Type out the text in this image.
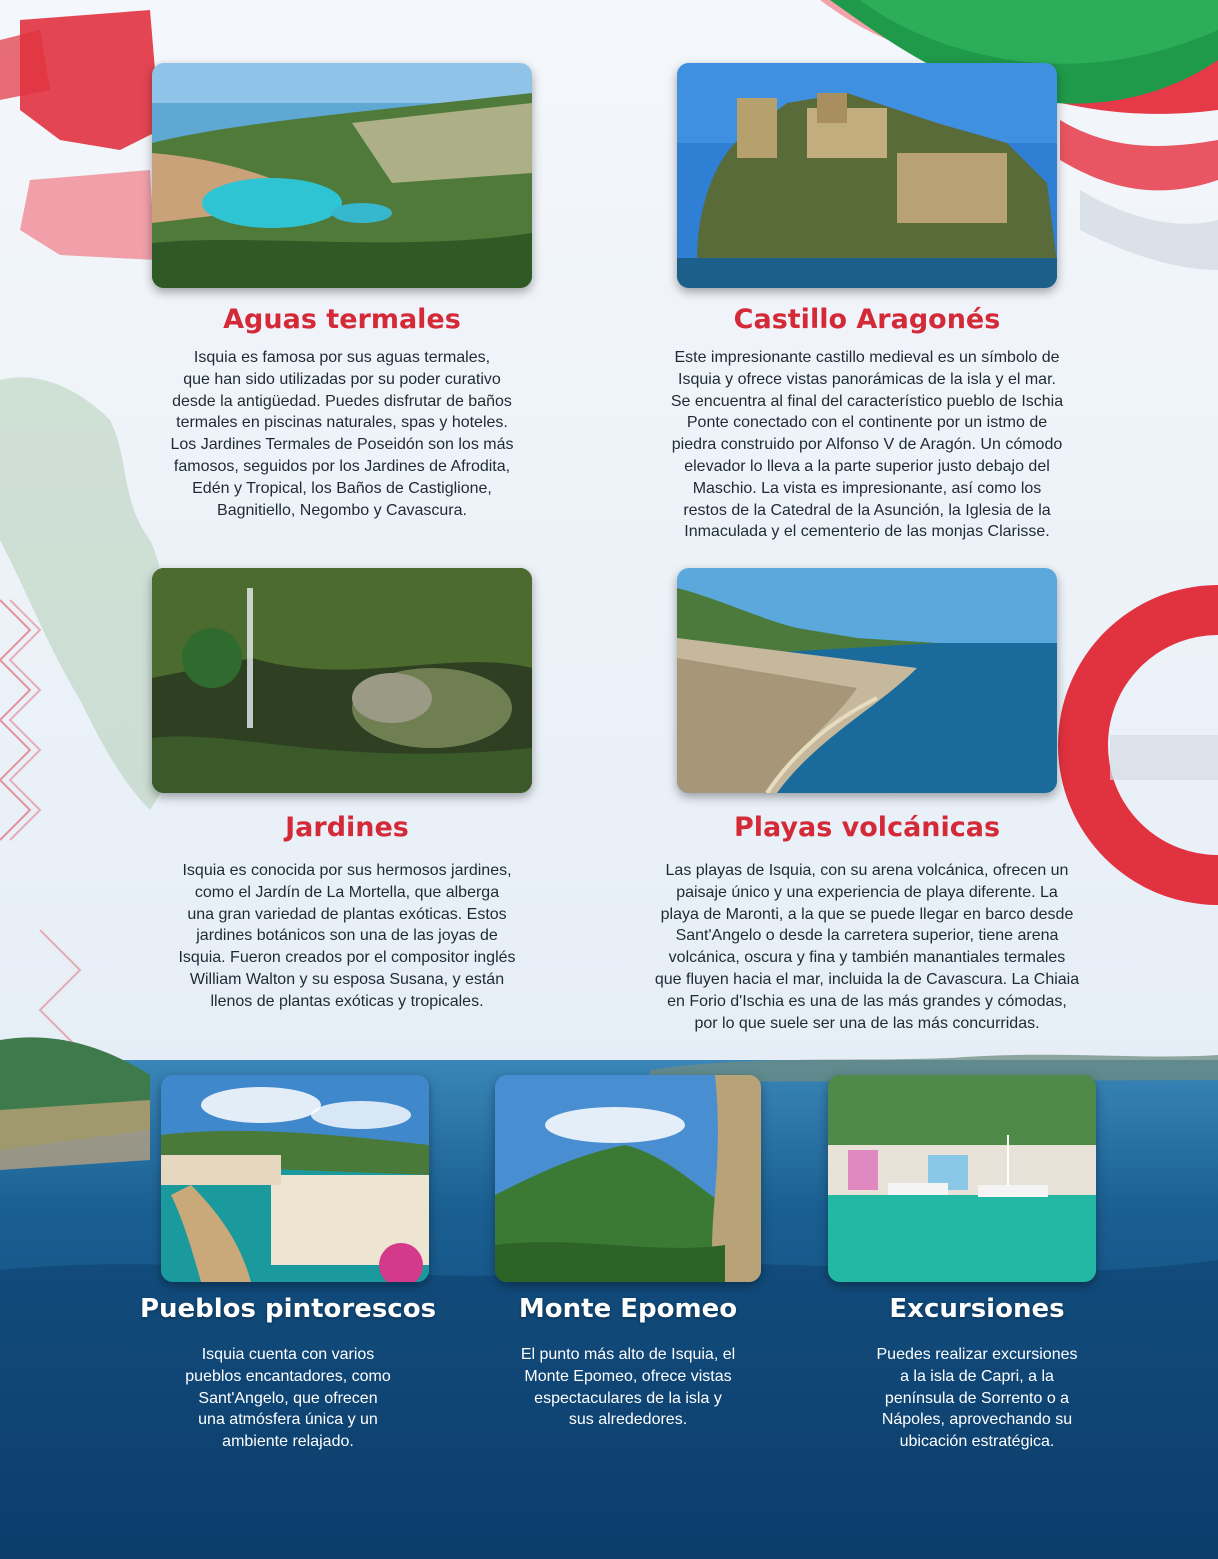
Aguas termales

Isquia es famosa por sus aguas termales,
que han sido utilizadas por su poder curativo
desde la antigüedad. Puedes disfrutar de baños
termales en piscinas naturales, spas y hoteles.
Los Jardines Termales de Poseidón son los más
famosos, seguidos por los Jardines de Afrodita,
Edén y Tropical, los Baños de Castiglione,
Bagnitiello, Negombo y Cavascura.

Castillo Aragonés

Este impresionante castillo medieval es un símbolo de
Isquia y ofrece vistas panorámicas de la isla y el mar.
Se encuentra al final del característico pueblo de Ischia
Ponte conectado con el continente por un istmo de
piedra construido por Alfonso V de Aragón. Un cómodo
elevador lo lleva a la parte superior justo debajo del
Maschio. La vista es impresionante, así como los
restos de la Catedral de la Asunción, la Iglesia de la
Inmaculada y el cementerio de las monjas Clarisse.

Jardines

Isquia es conocida por sus hermosos jardines,
como el Jardín de La Mortella, que alberga
una gran variedad de plantas exóticas. Estos
jardines botánicos son una de las joyas de
Isquia. Fueron creados por el compositor inglés
William Walton y su esposa Susana, y están
llenos de plantas exóticas y tropicales.

Playas volcánicas

Las playas de Isquia, con su arena volcánica, ofrecen un
paisaje único y una experiencia de playa diferente. La
playa de Maronti, a la que se puede llegar en barco desde
Sant'Angelo o desde la carretera superior, tiene arena
volcánica, oscura y fina y también manantiales termales
que fluyen hacia el mar, incluida la de Cavascura. La Chiaia
en Forio d'Ischia es una de las más grandes y cómodas,
por lo que suele ser una de las más concurridas.

Pueblos pintorescos

Isquia cuenta con varios
pueblos encantadores, como
Sant'Angelo, que ofrecen
una atmósfera única y un
ambiente relajado.

Monte Epomeo

El punto más alto de Isquia, el
Monte Epomeo, ofrece vistas
espectaculares de la isla y
sus alrededores.

Excursiones

Puedes realizar excursiones
a la isla de Capri, a la
península de Sorrento o a
Nápoles, aprovechando su
ubicación estratégica.
